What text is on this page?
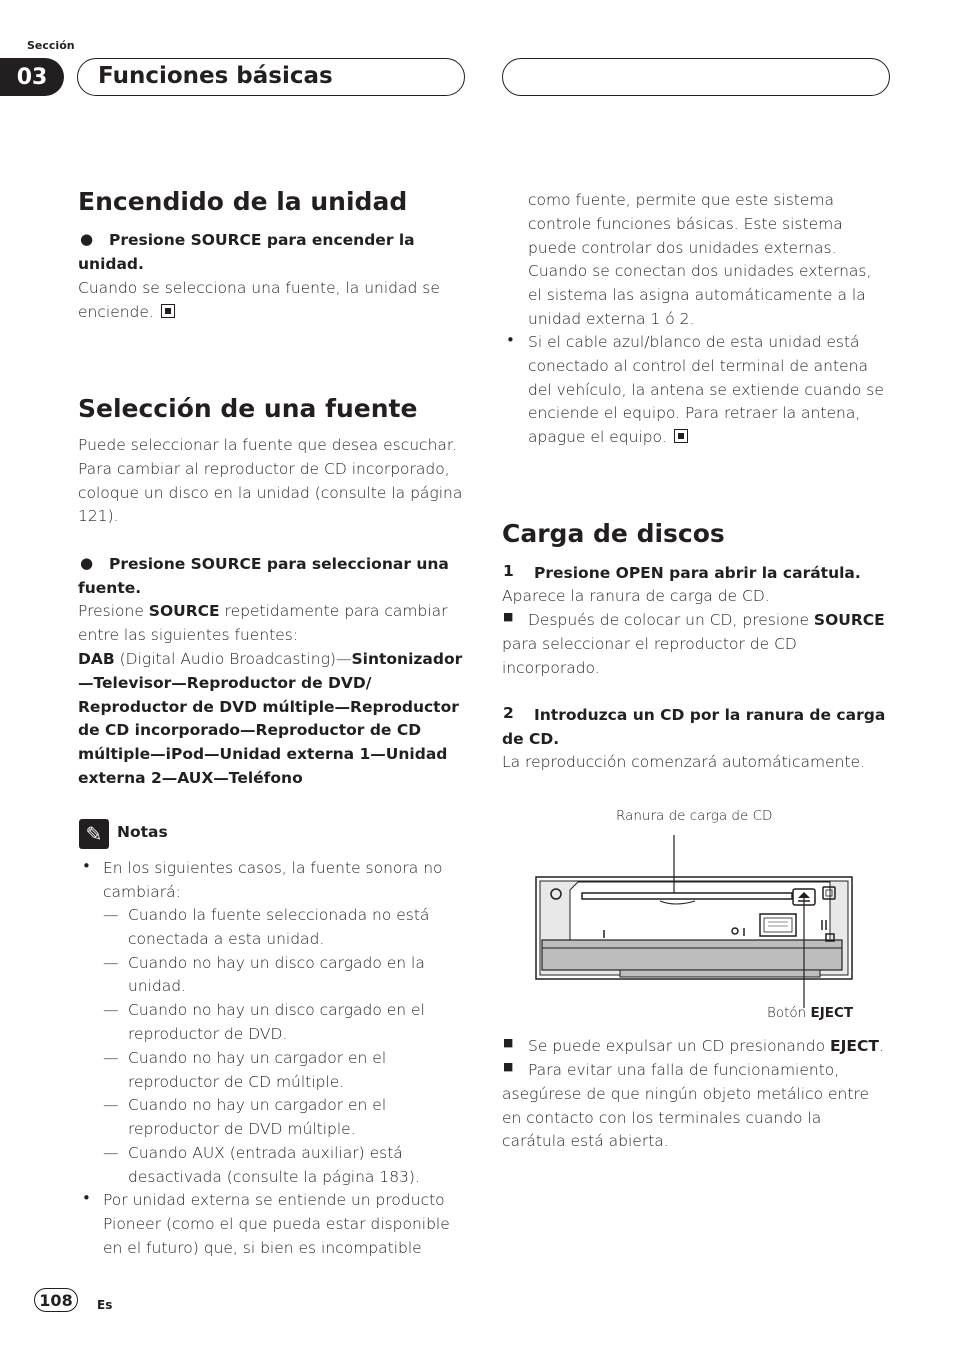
Sección
03	Funciones básicas
Encendido de la unidad
●	Presione SOURCE para encender la unidad.

Cuando se selecciona una fuente, la unidad se enciende.

Selección de una fuente

Puede seleccionar la fuente que desea escuchar. Para cambiar al reproductor de CD incorporado, coloque un disco en la unidad (consulte la página 121).

●	Presione SOURCE para seleccionar una fuente.

Presione SOURCE repetidamente para cambiar entre las siguientes fuentes:

DAB (Digital Audio Broadcasting)—Sintonizador—Televisor—Reproductor de DVD/ Reproductor de DVD múltiple—Reproductor de CD incorporado—Reproductor de CD múltiple—iPod—Unidad externa 1—Unidad externa 2—AUX—Teléfono

✎ Notas
• En los siguientes casos, la fuente sonora no cambiará:

— Cuando la fuente seleccionada no está conectada a esta unidad.
— Cuando no hay un disco cargado en la unidad.
— Cuando no hay un disco cargado en el reproductor de DVD.
— Cuando no hay un cargador en el reproductor de CD múltiple.
— Cuando no hay un cargador en el reproductor de DVD múltiple.
— Cuando AUX (entrada auxiliar) está desactivada (consulte la página 183).
• Por unidad externa se entiende un producto Pioneer (como el que pueda estar disponible en el futuro) que, si bien es incompatible

como fuente, permite que este sistema controle funciones básicas. Este sistema puede controlar dos unidades externas. Cuando se conectan dos unidades externas, el sistema las asigna automáticamente a la unidad externa 1 ó 2.

• Si el cable azul/blanco de esta unidad está conectado al control del terminal de antena del vehículo, la antena se extiende cuando se enciende el equipo. Para retraer la antena, apague el equipo.

Carga de discos
1 Presione OPEN para abrir la carátula.

Aparece la ranura de carga de CD.

■ Después de colocar un CD, presione SOURCE para seleccionar el reproductor de CD incorporado.

2	Introduzca un CD por la ranura de carga de CD.

La reproducción comenzará automáticamente.

Ranura de carga de CD
Botón EJECT
■ Se puede expulsar un CD presionando EJECT.

■ Para evitar una falla de funcionamiento, asegúrese de que ningún objeto metálico entre en contacto con los terminales cuando la carátula está abierta.

108	Es
